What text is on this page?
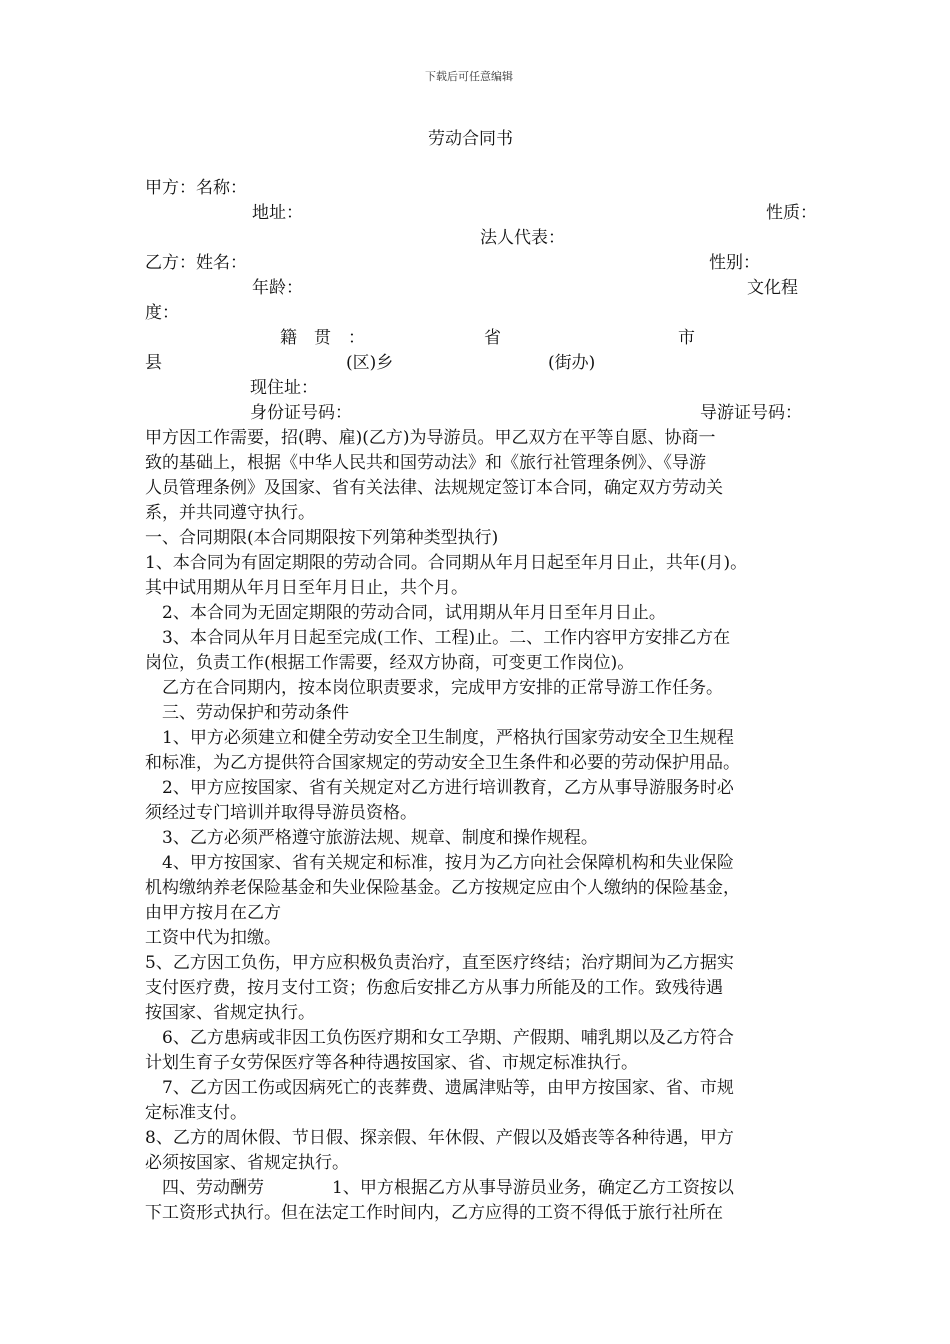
下载后可任意编辑
劳动合同书
甲方：名称：
地址：	性质：
法人代表：
乙方：姓名：	性别：
年龄：	文化程
度：
籍　贯　：	省	市
县	(区)乡	(街办)
现住址：
身份证号码：	导游证号码：
甲方因工作需要，招(聘、雇)(乙方)为导游员。甲乙双方在平等自愿、协商一
致的基础上，根据《中华人民共和国劳动法》和《旅行社管理条例》、《导游
人员管理条例》及国家、省有关法律、法规规定签订本合同，确定双方劳动关
系，并共同遵守执行。
一、合同期限(本合同期限按下列第种类型执行)
1、本合同为有固定期限的劳动合同。合同期从年月日起至年月日止，共年(月)。
其中试用期从年月日至年月日止，共个月。
　2、本合同为无固定期限的劳动合同，试用期从年月日至年月日止。
　3、本合同从年月日起至完成(工作、工程)止。二、工作内容甲方安排乙方在
岗位，负责工作(根据工作需要，经双方协商，可变更工作岗位)。
　乙方在合同期内，按本岗位职责要求，完成甲方安排的正常导游工作任务。
　三、劳动保护和劳动条件
　1、甲方必须建立和健全劳动安全卫生制度，严格执行国家劳动安全卫生规程
和标准，为乙方提供符合国家规定的劳动安全卫生条件和必要的劳动保护用品。
　2、甲方应按国家、省有关规定对乙方进行培训教育，乙方从事导游服务时必
须经过专门培训并取得导游员资格。
　3、乙方必须严格遵守旅游法规、规章、制度和操作规程。
　4、甲方按国家、省有关规定和标准，按月为乙方向社会保障机构和失业保险
机构缴纳养老保险基金和失业保险基金。乙方按规定应由个人缴纳的保险基金，
由甲方按月在乙方
工资中代为扣缴。
5、乙方因工负伤，甲方应积极负责治疗，直至医疗终结；治疗期间为乙方据实
支付医疗费，按月支付工资；伤愈后安排乙方从事力所能及的工作。致残待遇
按国家、省规定执行。
　6、乙方患病或非因工负伤医疗期和女工孕期、产假期、哺乳期以及乙方符合
计划生育子女劳保医疗等各种待遇按国家、省、市规定标准执行。
　7、乙方因工伤或因病死亡的丧葬费、遗属津贴等，由甲方按国家、省、市规
定标准支付。
8、乙方的周休假、节日假、探亲假、年休假、产假以及婚丧等各种待遇，甲方
必须按国家、省规定执行。
　四、劳动酬劳　　　　1、甲方根据乙方从事导游员业务，确定乙方工资按以
下工资形式执行。但在法定工作时间内，乙方应得的工资不得低于旅行社所在
